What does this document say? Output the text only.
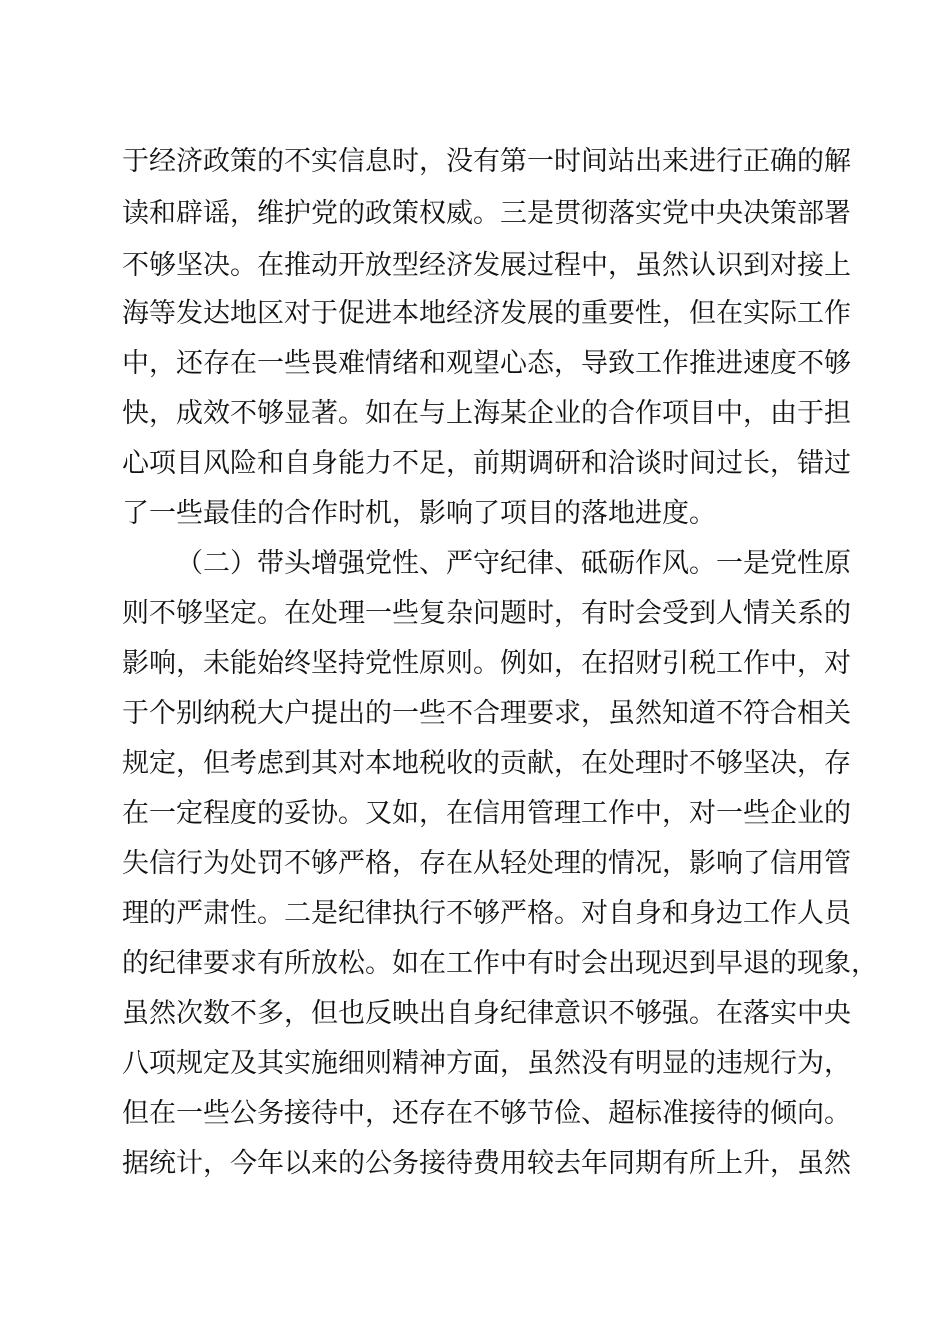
于经济政策的不实信息时，没有第一时间站出来进行正确的解
读和辟谣，维护党的政策权威。三是贯彻落实党中央决策部署
不够坚决。在推动开放型经济发展过程中，虽然认识到对接上
海等发达地区对于促进本地经济发展的重要性，但在实际工作
中，还存在一些畏难情绪和观望心态，导致工作推进速度不够
快，成效不够显著。如在与上海某企业的合作项目中，由于担
心项目风险和自身能力不足，前期调研和洽谈时间过长，错过
了一些最佳的合作时机，影响了项目的落地进度。
（二）带头增强党性、严守纪律、砥砺作风。一是党性原
则不够坚定。在处理一些复杂问题时，有时会受到人情关系的
影响，未能始终坚持党性原则。例如，在招财引税工作中，对
于个别纳税大户提出的一些不合理要求，虽然知道不符合相关
规定，但考虑到其对本地税收的贡献，在处理时不够坚决，存
在一定程度的妥协。又如，在信用管理工作中，对一些企业的
失信行为处罚不够严格，存在从轻处理的情况，影响了信用管
理的严肃性。二是纪律执行不够严格。对自身和身边工作人员
的纪律要求有所放松。如在工作中有时会出现迟到早退的现象，
虽然次数不多，但也反映出自身纪律意识不够强。在落实中央
八项规定及其实施细则精神方面，虽然没有明显的违规行为，
但在一些公务接待中，还存在不够节俭、超标准接待的倾向。
据统计，今年以来的公务接待费用较去年同期有所上升，虽然
